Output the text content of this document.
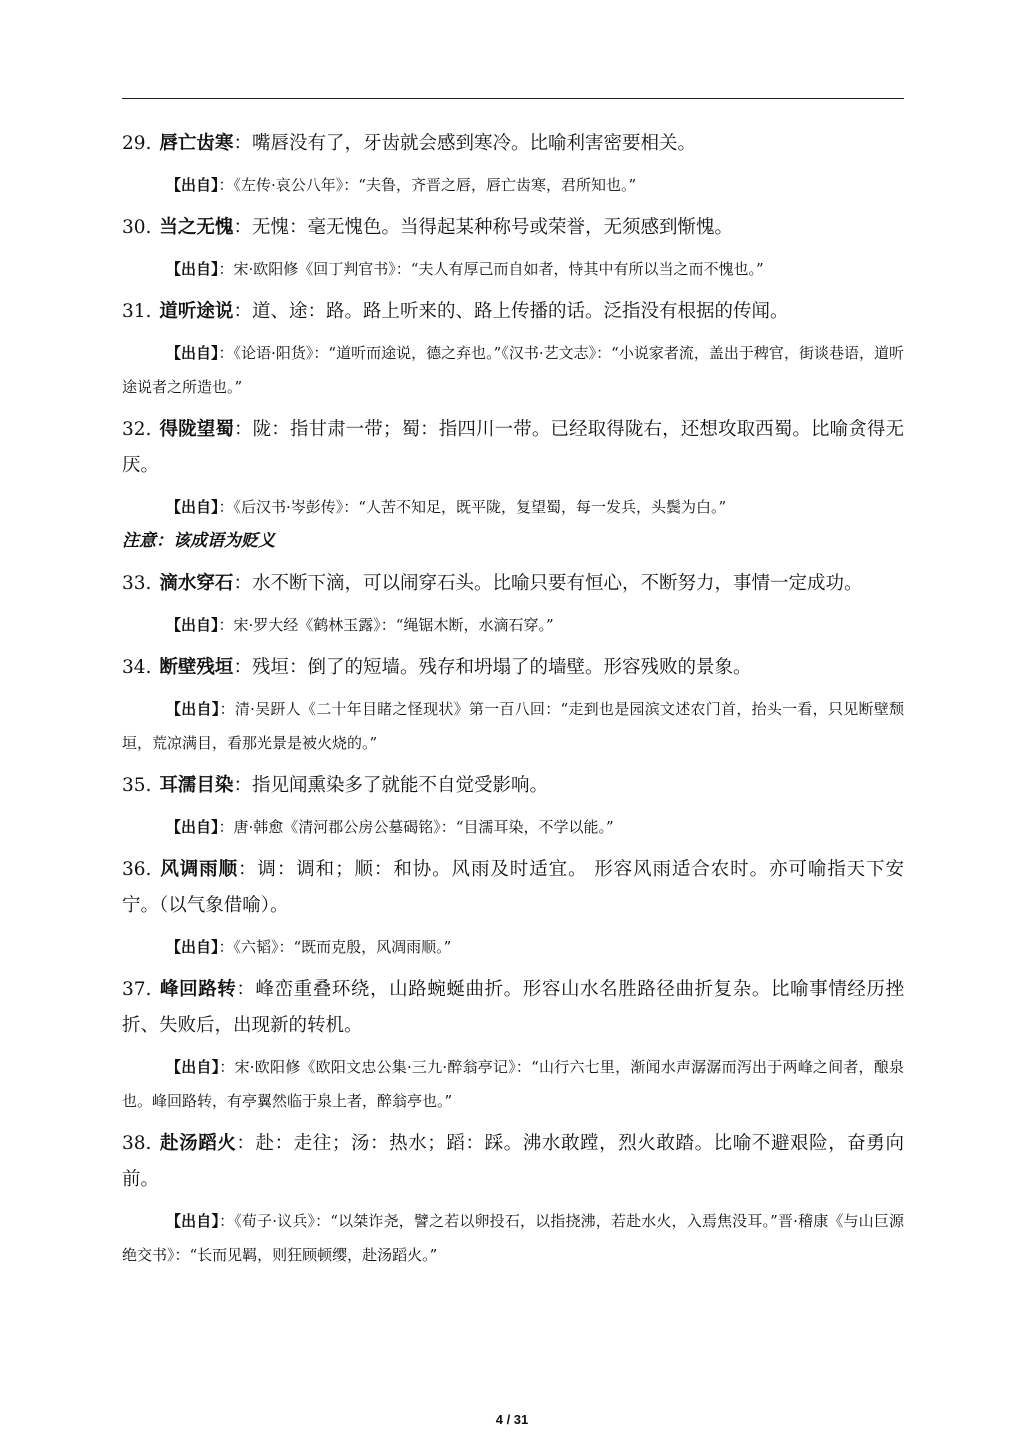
29. 唇亡齿寒：嘴唇没有了，牙齿就会感到寒冷。比喻利害密要相关。

【出自】：《左传·哀公八年》：“夫鲁，齐晋之唇，唇亡齿寒，君所知也。”

30. 当之无愧：无愧：毫无愧色。当得起某种称号或荣誉，无须感到惭愧。

【出自】：宋·欧阳修《回丁判官书》：“夫人有厚己而自如者，恃其中有所以当之而不愧也。”

31. 道听途说：道、途：路。路上听来的、路上传播的话。泛指没有根据的传闻。

【出自】：《论语·阳货》：“道听而途说，德之弃也。”《汉书·艺文志》：“小说家者流，盖出于稗官，街谈巷语，道听途说者之所造也。”

32. 得陇望蜀：陇：指甘肃一带；蜀：指四川一带。已经取得陇右，还想攻取西蜀。比喻贪得无厌。

【出自】：《后汉书·岑彭传》：“人苦不知足，既平陇，复望蜀，每一发兵，头鬓为白。”

注意：该成语为贬义

33. 滴水穿石：水不断下滴，可以闹穿石头。比喻只要有恒心，不断努力，事情一定成功。

【出自】：宋·罗大经《鹤林玉露》：“绳锯木断，水滴石穿。”

34. 断壁残垣：残垣：倒了的短墙。残存和坍塌了的墙壁。形容残败的景象。

【出自】：清·吴趼人《二十年目睹之怪现状》第一百八回：“走到也是园滨文述农门首，抬头一看，只见断壁颓垣，荒凉满目，看那光景是被火烧的。”

35. 耳濡目染：指见闻熏染多了就能不自觉受影响。

【出自】：唐·韩愈《清河郡公房公墓碣铭》：“目濡耳染，不学以能。”

36. 风调雨顺：调：调和；顺：和协。风雨及时适宜。 形容风雨适合农时。亦可喻指天下安宁。（以气象借喻）。

【出自】：《六韬》：“既而克殷，风凋雨顺。”

37. 峰回路转：峰峦重叠环绕，山路蜿蜒曲折。形容山水名胜路径曲折复杂。比喻事情经历挫折、失败后，出现新的转机。

【出自】：宋·欧阳修《欧阳文忠公集·三九·醉翁亭记》：“山行六七里，渐闻水声潺潺而泻出于两峰之间者，酿泉也。峰回路转，有亭翼然临于泉上者，醉翁亭也。”

38. 赴汤蹈火：赴：走往；汤：热水；蹈：踩。沸水敢蹚，烈火敢踏。比喻不避艰险，奋勇向前。

【出自】：《荀子·议兵》：“以桀诈尧，譬之若以卵投石，以指挠沸，若赴水火，入焉焦没耳。”晋·稽康《与山巨源绝交书》：“长而见羁，则狂顾顿缨，赴汤蹈火。”

4 / 31
